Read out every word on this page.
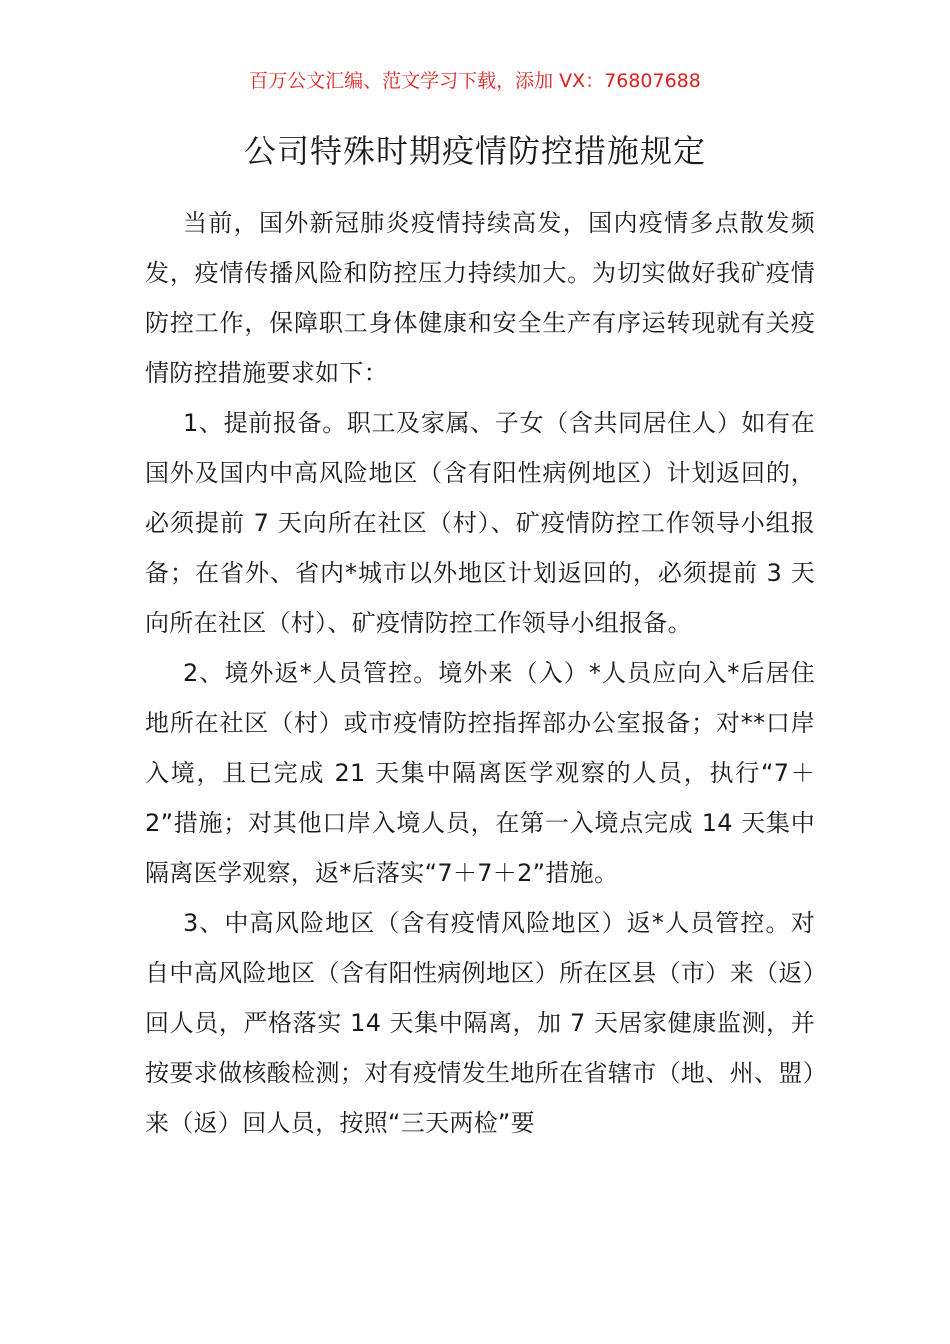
百万公文汇编、范文学习下载，添加 VX：76807688
公司特殊时期疫情防控措施规定

当前，国外新冠肺炎疫情持续高发，国内疫情多点散发频发，疫情传播风险和防控压力持续加大。为切实做好我矿疫情防控工作，保障职工身体健康和安全生产有序运转现就有关疫情防控措施要求如下：

1、提前报备。职工及家属、子女（含共同居住人）如有在国外及国内中高风险地区（含有阳性病例地区）计划返回的，必须提前 7 天向所在社区（村）、矿疫情防控工作领导小组报备；在省外、省内*城市以外地区计划返回的，必须提前 3 天向所在社区（村）、矿疫情防控工作领导小组报备。

2、境外返*人员管控。境外来（入）*人员应向入*后居住地所在社区（村）或市疫情防控指挥部办公室报备；对**口岸入境，且已完成 21 天集中隔离医学观察的人员，执行“7＋2”措施；对其他口岸入境人员，在第一入境点完成 14 天集中隔离医学观察，返*后落实“7＋7＋2”措施。

3、中高风险地区（含有疫情风险地区）返*人员管控。对自中高风险地区（含有阳性病例地区）所在区县（市）来（返）回人员，严格落实 14 天集中隔离，加 7 天居家健康监测，并按要求做核酸检测；对有疫情发生地所在省辖市（地、州、盟）来（返）回人员，按照“三天两检”要
